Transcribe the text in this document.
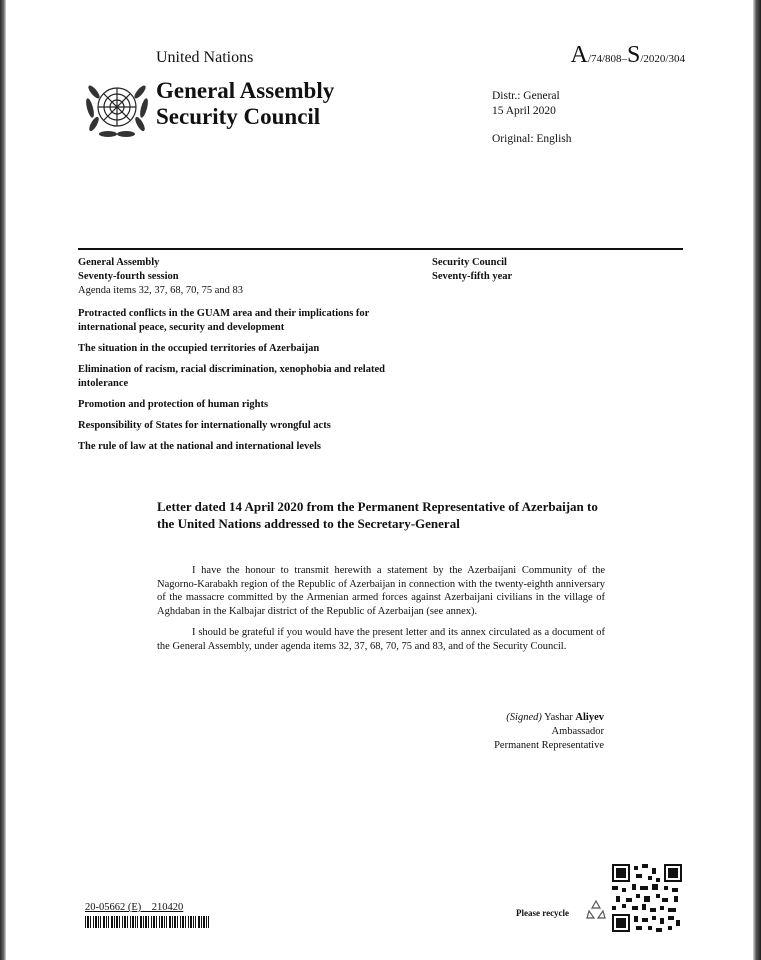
United Nations	A/74/808–S/2020/304
General Assembly
Security Council
Distr.: General
15 April 2020
Original: English
General Assembly
Seventy-fourth session
Agenda items 32, 37, 68, 70, 75 and 83
Security Council
Seventy-fifth year
Protracted conflicts in the GUAM area and their implications for international peace, security and development
The situation in the occupied territories of Azerbaijan
Elimination of racism, racial discrimination, xenophobia and related intolerance
Promotion and protection of human rights
Responsibility of States for internationally wrongful acts
The rule of law at the national and international levels
Letter dated 14 April 2020 from the Permanent Representative of Azerbaijan to the United Nations addressed to the Secretary-General

I have the honour to transmit herewith a statement by the Azerbaijani Community of the Nagorno-Karabakh region of the Republic of Azerbaijan in connection with the twenty-eighth anniversary of the massacre committed by the Armenian armed forces against Azerbaijani civilians in the village of Aghdaban in the Kalbajar district of the Republic of Azerbaijan (see annex).

I should be grateful if you would have the present letter and its annex circulated as a document of the General Assembly, under agenda items 32, 37, 68, 70, 75 and 83, and of the Security Council.

(Signed) Yashar Aliyev
Ambassador
Permanent Representative
20-05662 (E)    210420	Please recycle
